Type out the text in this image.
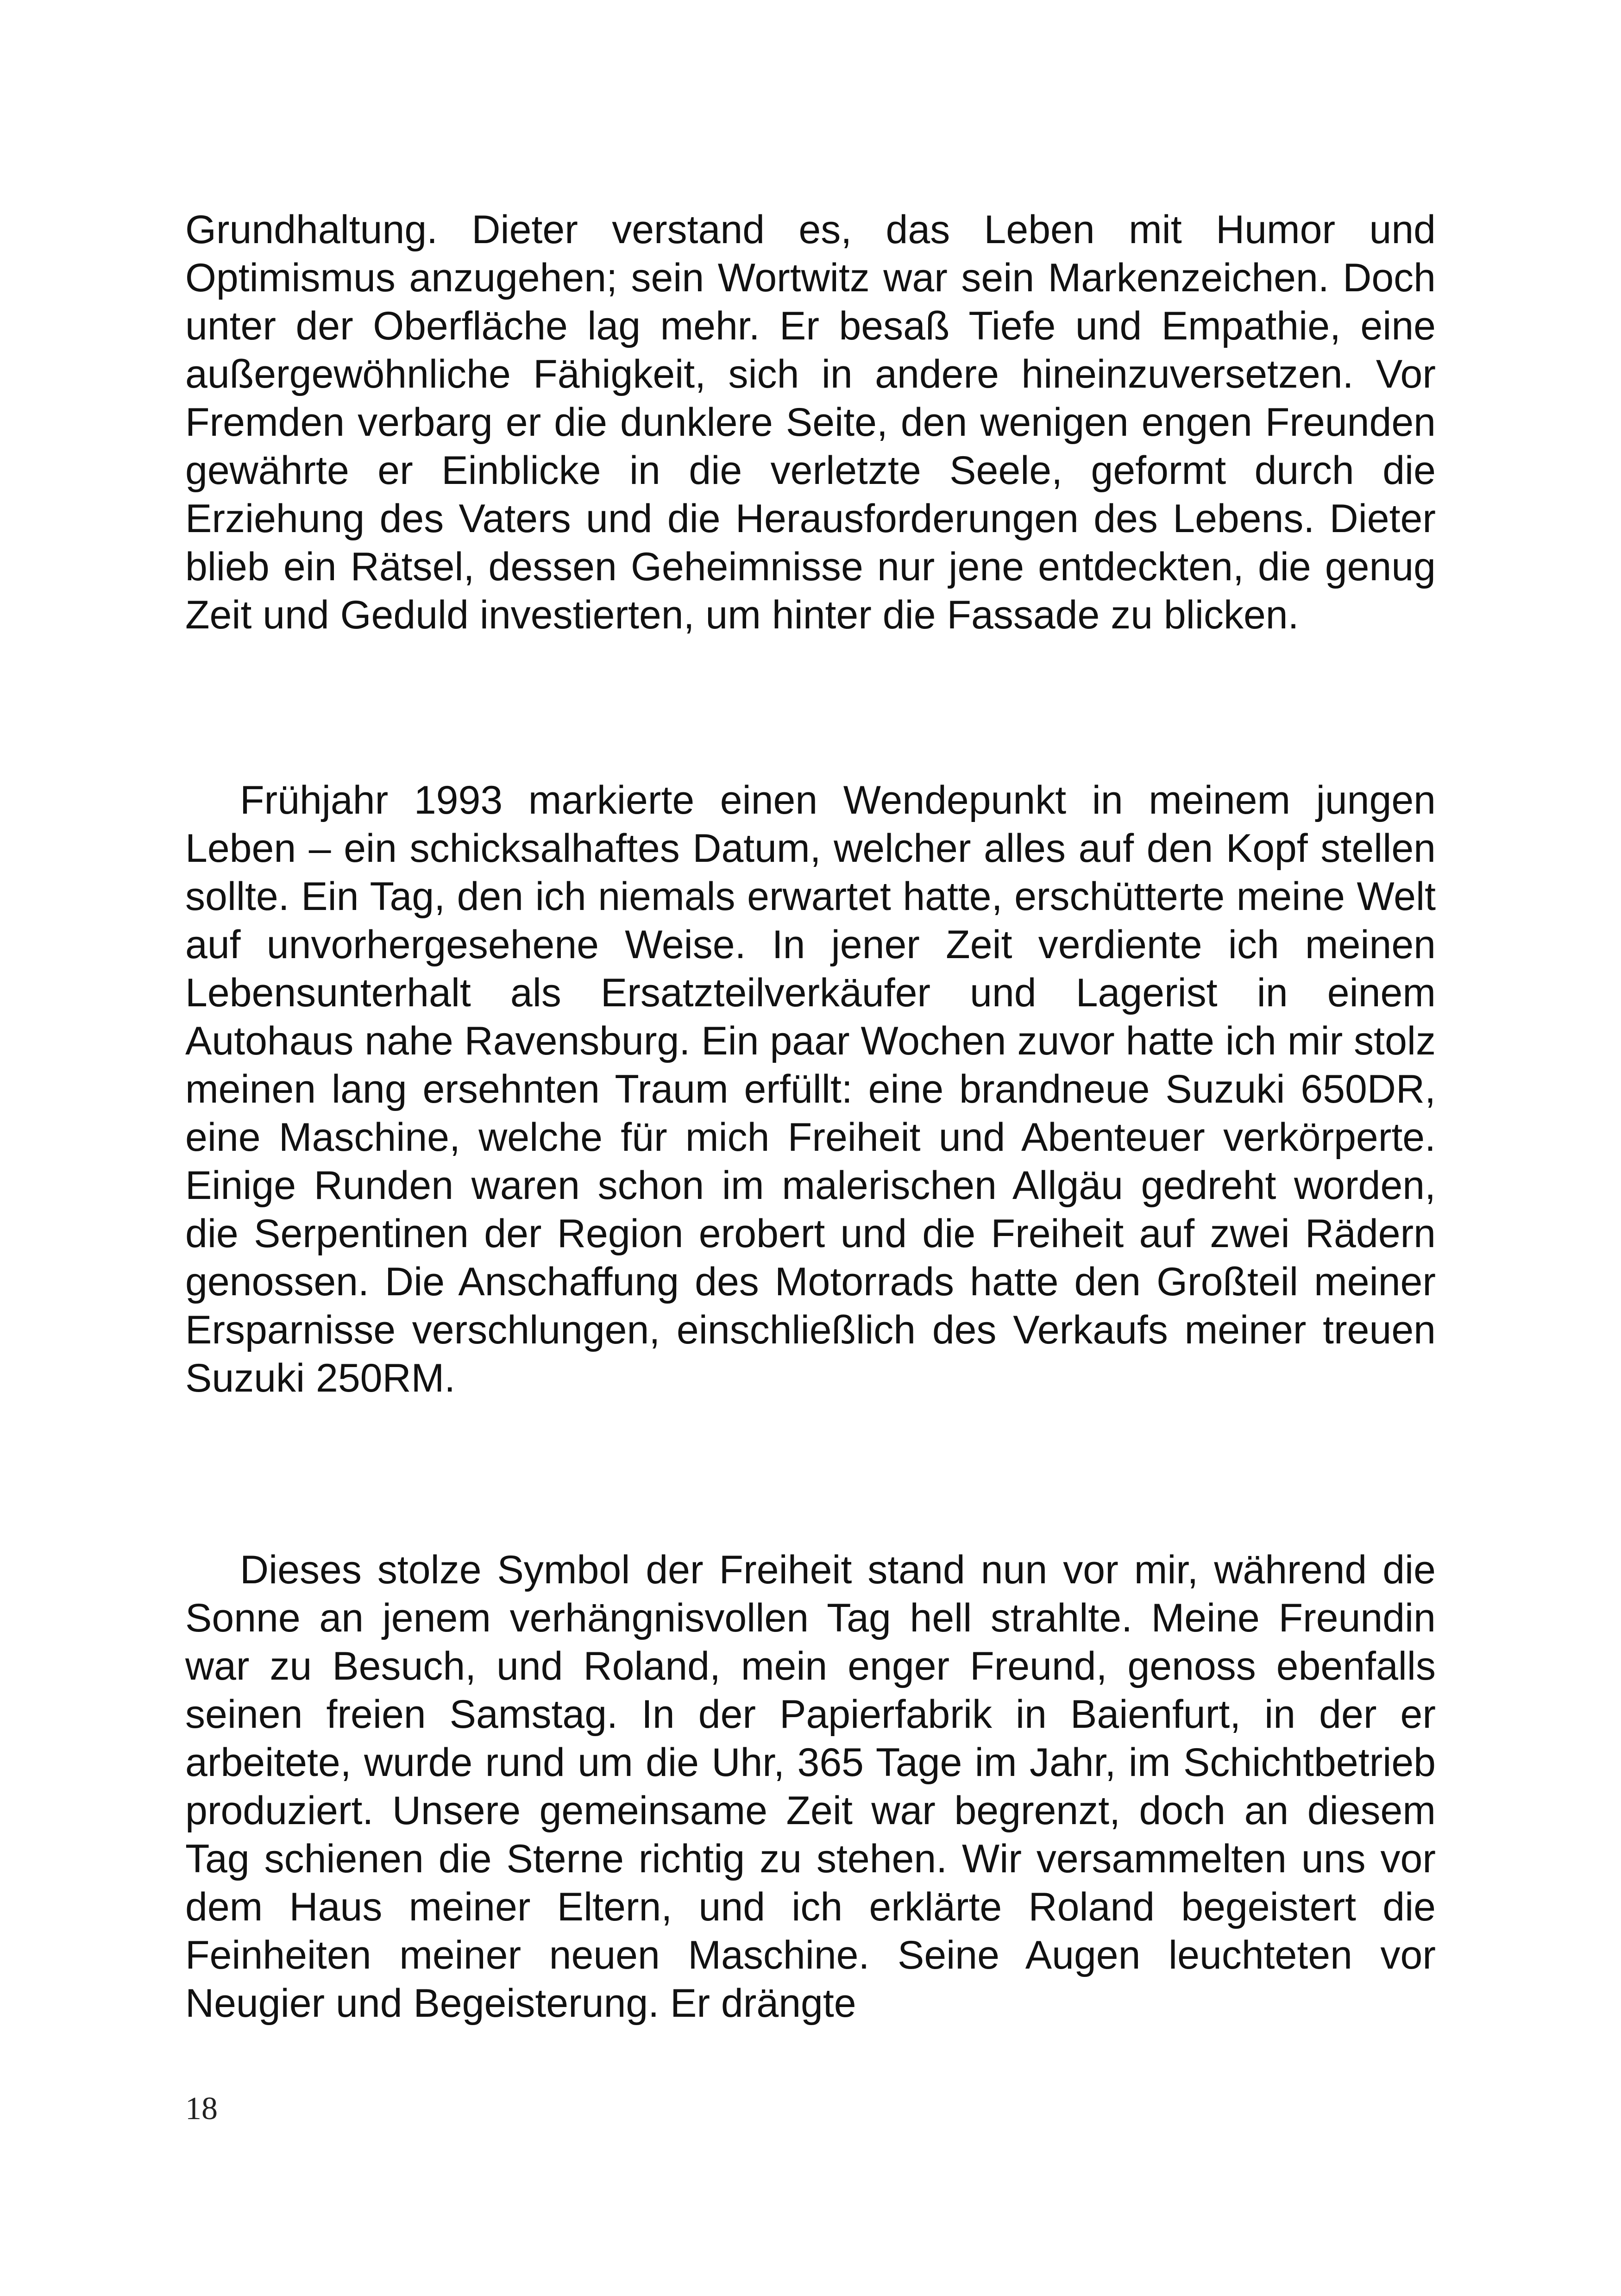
Grundhaltung. Dieter verstand es, das Leben mit Humor und Optimismus anzugehen; sein Wortwitz war sein Markenzeichen. Doch unter der Oberfläche lag mehr. Er besaß Tiefe und Empathie, eine außergewöhnliche Fähigkeit, sich in andere hineinzuversetzen. Vor Fremden verbarg er die dunklere Seite, den wenigen engen Freunden gewährte er Einblicke in die verletzte Seele, geformt durch die Erziehung des Vaters und die Herausforderungen des Lebens. Dieter blieb ein Rätsel, dessen Geheimnisse nur jene entdeckten, die genug Zeit und Geduld investierten, um hinter die Fassade zu blicken.

Frühjahr 1993 markierte einen Wendepunkt in meinem jungen Leben – ein schicksalhaftes Datum, welcher alles auf den Kopf stellen sollte. Ein Tag, den ich niemals erwartet hatte, erschütterte meine Welt auf unvorhergesehene Weise. In jener Zeit verdiente ich meinen Lebensunterhalt als Ersatzteilverkäufer und Lagerist in einem Autohaus nahe Ravensburg. Ein paar Wochen zuvor hatte ich mir stolz meinen lang ersehnten Traum erfüllt: eine brandneue Suzuki 650DR, eine Maschine, welche für mich Freiheit und Abenteuer verkörperte. Einige Runden waren schon im malerischen Allgäu gedreht worden, die Serpentinen der Region erobert und die Freiheit auf zwei Rädern genossen. Die Anschaffung des Motorrads hatte den Großteil meiner Ersparnisse verschlungen, einschließlich des Verkaufs meiner treuen Suzuki 250RM.

Dieses stolze Symbol der Freiheit stand nun vor mir, während die Sonne an jenem verhängnisvollen Tag hell strahlte. Meine Freundin war zu Besuch, und Roland, mein enger Freund, genoss ebenfalls seinen freien Samstag. In der Papierfabrik in Baienfurt, in der er arbeitete, wurde rund um die Uhr, 365 Tage im Jahr, im Schichtbetrieb produziert. Unsere gemeinsame Zeit war begrenzt, doch an diesem Tag schienen die Sterne richtig zu stehen. Wir versammelten uns vor dem Haus meiner Eltern, und ich erklärte Roland begeistert die Feinheiten meiner neuen Maschine. Seine Augen leuchteten vor Neugier und Begeisterung. Er drängte

18
